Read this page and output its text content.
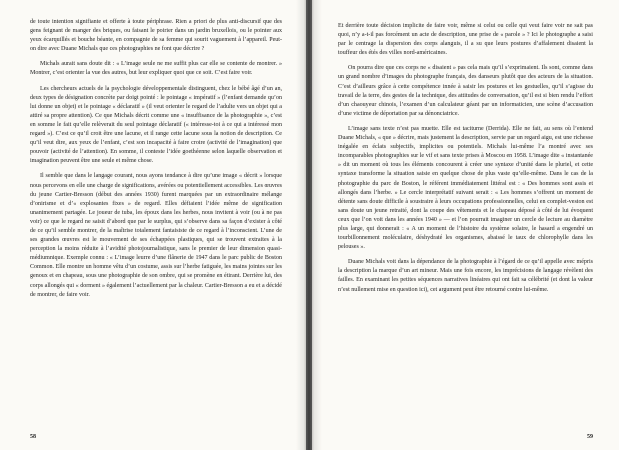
de toute intention signifiante et offerte à toute périphrase. Rien a priori de plus anti-discursif que des gens feignant de manger des briques, ou faisant le poirier dans un jardin bruxellois, ou le pointer aux yeux écarquillés et bouche béante, en compagnie de sa femme qui sourit vaguement à l’appareil. Peut-on dire avec Duane Michals que ces photographies ne font que décrire ?

Michals aurait sans doute dit : « L’image seule ne me suffit plus car elle se contente de montrer. » Montrer, c’est orienter la vue des autres, but leur expliquer quoi que ce soit. C’est faire voir.

Les chercheurs actuels de la psychologie développementale distinguent, chez le bébé âgé d’un an, deux types de désignation concrète par doigt pointé : le pointage « impératif » (l’enfant demande qu’on lui donne un objet) et le pointage « déclaratif » (il veut orienter le regard de l’adulte vers un objet qui a attiré sa propre attention). Ce que Michals décrit comme une « insuffisance de la photographie », c’est en somme le fait qu’elle relèverait du seul pointage déclaratif (« intéresse-toi à ce qui a intéressé mon regard »). C’est ce qu’il croit être une lacune, et il range cette lacune sous la notion de description. Ce qu’il veut dire, aux yeux de l’enfant, c’est son incapacité à faire croire (activité de l’imagination) que pouvoir (activité de l’attention). En somme, il conteste l’idée goethéenne selon laquelle observation et imagination peuvent être une seule et même chose.

Il semble que dans le langage courant, nous ayons tendance à dire qu’une image « décrit » lorsque nous percevons en elle une charge de significations, avérées ou potentiellement accessibles. Les œuvres du jeune Cartier-Bresson (début des années 1930) furent marquées par un extraordinaire mélange d’onirisme et d’« explosantes fixes » de regard. Elles défiaient l’idée même de signification unanimement partagée. Le joueur de tuba, les époux dans les herbes, nous invitent à voir (ou à ne pas voir) ce que le regard ne saisit d’abord que par le surplus, qui s’observe dans sa façon d’exister à côté de ce qu’il semble montrer, de la maîtrise totalement fantaisiste de ce regard à l’inconscient. L’une de ses grandes œuvres est le mouvement de ses échappées plastiques, qui se trouvent extraites à la perception la moins réduite à l’avidité photojournalistique, sans le premier de leur dimension quasi-médiumnique. Exemple connu : « L’image leurre d’une flânerie de 1947 dans le parc public de Boston Common. Elle montre un homme vêtu d’un costume, assis sur l’herbe fatiguée, les mains jointes sur les genoux et en chapeau, sous une photographie de son ombre, qui se promène en étirant. Derrière lui, des corps allongés qui « dorment » également l’actuellement par la chaleur. Cartier-Bresson a eu et a décidé de montrer, de faire voir.

58

Et derrière toute décision implicite de faire voir, même si celui ou celle qui veut faire voir ne sait pas quoi, n’y a-t-il pas forcément un acte de description, une prise de « parole » ? Ici le photographe a saisi par le centrage la dispersion des corps alanguis, il a su que leurs postures d’affalement disaient la touffeur des étés des villes nord-américaines.

On pourra dire que ces corps ne « disaient » pas cela mais qu’il s’exprimaient. Ils sont, comme dans un grand nombre d’images du photographe français, des danseurs plutôt que des acteurs de la situation. C’est d’ailleurs grâce à cette compétence innée à saisir les postures et les gestuelles, qu’il s’agisse du travail de la terre, des gestes de la technique, des attitudes de conversation, qu’il est si bien rendu l’effort d’un chaouyeur chinois, l’examen d’un calculateur géant par un informaticien, une scène d’accusation d’une victime de déportation par sa dénonciatrice.

L’image sans texte n’est pas muette. Elle est taciturne (Derrida). Elle ne fait, au sens où l’entend Duane Michals, « que » décrire, mais justement la description, servie par un regard aigu, est une richesse inégalée en éclats subjectifs, implicites ou potentiels. Michals lui-même l’a montré avec ses incomparables photographies sur le vif et sans texte prises à Moscou en 1958. L’image dite « instantanée » dit un moment où tous les éléments concourent à créer une syntaxe d’unité dans le pluriel, et cette syntaxe transforme la situation saisie en quelque chose de plus vaste qu’elle-même. Dans le cas de la photographie du parc de Boston, le référent immédiatement littéral est : « Des hommes sont assis et allongés dans l’herbe. » Le cercle interprétatif suivant serait : « Les hommes s’offrent un moment de détente sans doute difficile à soustraire à leurs occupations professionnelles, celui en complet-veston est sans doute un jeune retraité, dont la coupe des vêtements et le chapeau déposé à côté de lui évoquent ceux que l’on voit dans les années 1940 » — et l’on pourrait imaginer un cercle de lecture au diamètre plus large, qui donnerait : « A un moment de l’histoire du système solaire, le hasard a engendré un tourbillonnement moléculaire, déshydraté les organismes, abaissé le taux de chlorophylle dans les pelouses ».

Duane Michals voit dans la dépendance de la photographie à l’égard de ce qu’il appelle avec mépris la description la marque d’un art mineur. Mais une fois encore, les imprécisions de langage révèlent des failles. En examinant les petites séquences narratives linéaires qui ont fait sa célébrité (et dont la valeur n’est nullement mise en question ici), cet argument peut être retourné contre lui-même.

59
